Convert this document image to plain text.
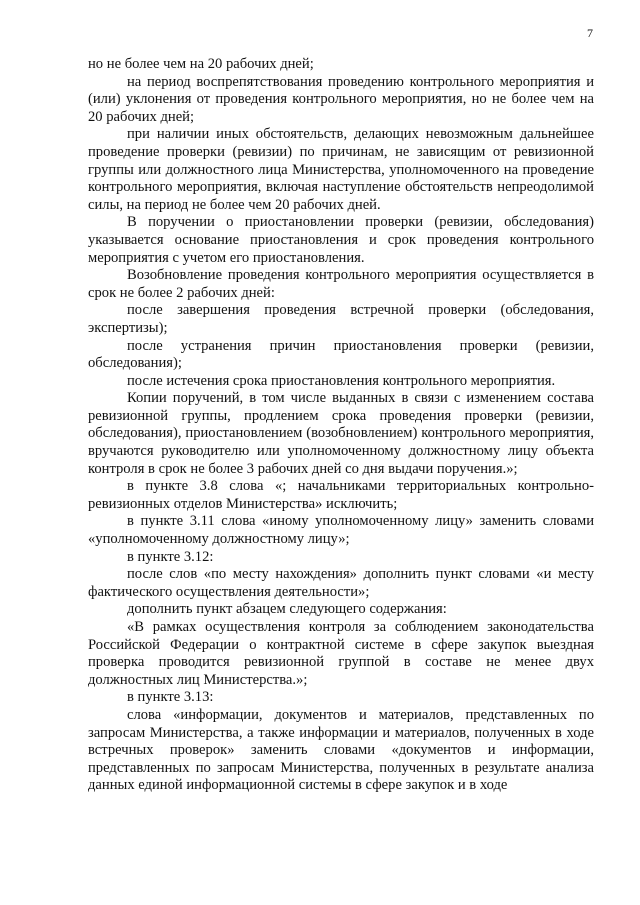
7

но не более чем на 20 рабочих дней;

на период воспрепятствования проведению контрольного мероприятия и (или) уклонения от проведения контрольного мероприятия, но не более чем на 20 рабочих дней;

при наличии иных обстоятельств, делающих невозможным дальнейшее проведение проверки (ревизии) по причинам, не зависящим от ревизионной группы или должностного лица Министерства, уполномоченного на проведение контрольного мероприятия, включая наступление обстоятельств непреодолимой силы, на период не более чем 20 рабочих дней.

В поручении о приостановлении проверки (ревизии, обследования) указывается основание приостановления и срок проведения контрольного мероприятия с учетом его приостановления.

Возобновление проведения контрольного мероприятия осуществляется в срок не более 2 рабочих дней:

после завершения проведения встречной проверки (обследования, экспертизы);

после устранения причин приостановления проверки (ревизии, обследования);

после истечения срока приостановления контрольного мероприятия.

Копии поручений, в том числе выданных в связи с изменением состава ревизионной группы, продлением срока проведения проверки (ревизии, обследования), приостановлением (возобновлением) контрольного мероприятия, вручаются руководителю или уполномоченному должностному лицу объекта контроля в срок не более 3 рабочих дней со дня выдачи поручения.»;

в пункте 3.8 слова «; начальниками территориальных контрольно-ревизионных отделов Министерства» исключить;

в пункте 3.11 слова «иному уполномоченному лицу» заменить словами «уполномоченному должностному лицу»;

в пункте 3.12:

после слов «по месту нахождения» дополнить пункт словами «и месту фактического осуществления деятельности»;

дополнить пункт абзацем следующего содержания:

«В рамках осуществления контроля за соблюдением законодательства Российской Федерации о контрактной системе в сфере закупок выездная проверка проводится ревизионной группой в составе не менее двух должностных лиц Министерства.»;

в пункте 3.13:

слова «информации, документов и материалов, представленных по запросам Министерства, а также информации и материалов, полученных в ходе встречных проверок» заменить словами «документов и информации, представленных по запросам Министерства, полученных в результате анализа данных единой информационной системы в сфере закупок и в ходе
